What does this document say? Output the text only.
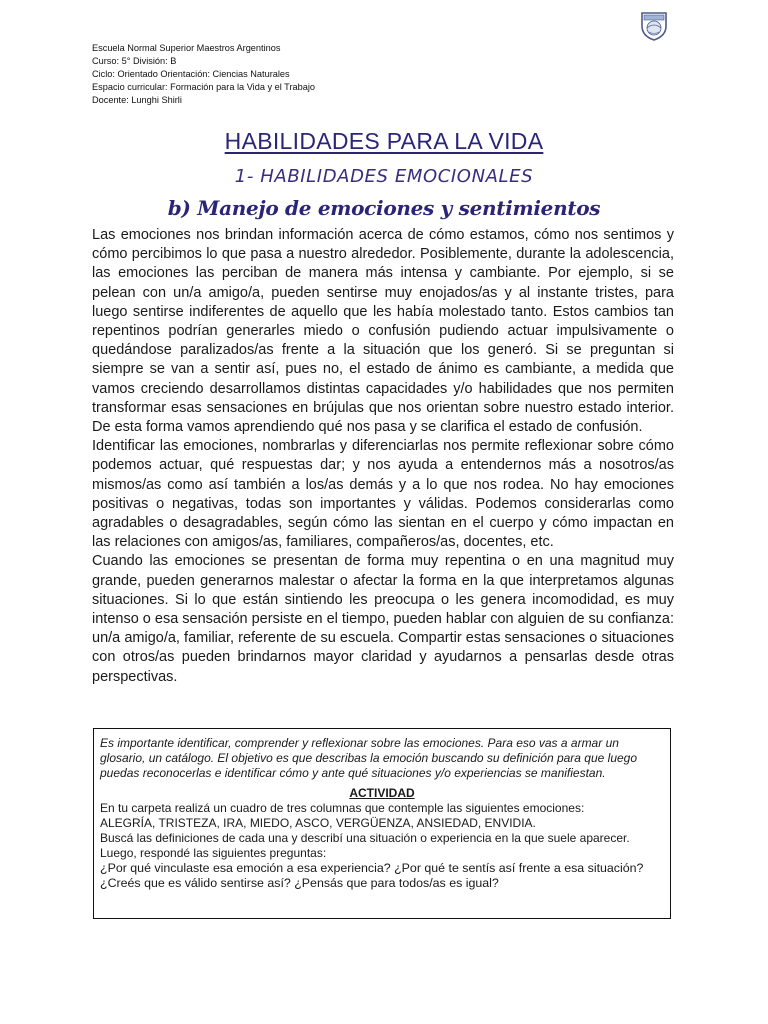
Escuela Normal Superior Maestros Argentinos
Curso: 5° División: B
Ciclo: Orientado Orientación: Ciencias Naturales
Espacio curricular: Formación para la Vida y el Trabajo
Docente: Lunghi Shirli
HABILIDADES PARA LA VIDA
1- HABILIDADES EMOCIONALES
b) Manejo de emociones y sentimientos

Las emociones nos brindan información acerca de cómo estamos, cómo nos sentimos y cómo percibimos lo que pasa a nuestro alrededor. Posiblemente, durante la adolescencia, las emociones las perciban de manera más intensa y cambiante. Por ejemplo, si se pelean con un/a amigo/a, pueden sentirse muy enojados/as y al instante tristes, para luego sentirse indiferentes de aquello que les había molestado tanto. Estos cambios tan repentinos podrían generarles miedo o confusión pudiendo actuar impulsivamente o quedándose paralizados/as frente a la situación que los generó. Si se preguntan si siempre se van a sentir así, pues no, el estado de ánimo es cambiante, a medida que vamos creciendo desarrollamos distintas capacidades y/o habilidades que nos permiten transformar esas sensaciones en brújulas que nos orientan sobre nuestro estado interior. De esta forma vamos aprendiendo qué nos pasa y se clarifica el estado de confusión.

Identificar las emociones, nombrarlas y diferenciarlas nos permite reflexionar sobre cómo podemos actuar, qué respuestas dar; y nos ayuda a entendernos más a nosotros/as mismos/as como así también a los/as demás y a lo que nos rodea. No hay emociones positivas o negativas, todas son importantes y válidas. Podemos considerarlas como agradables o desagradables, según cómo las sientan en el cuerpo y cómo impactan en las relaciones con amigos/as, familiares, compañeros/as, docentes, etc.

Cuando las emociones se presentan de forma muy repentina o en una magnitud muy grande, pueden generarnos malestar o afectar la forma en la que interpretamos algunas situaciones. Si lo que están sintiendo les preocupa o les genera incomodidad, es muy intenso o esa sensación persiste en el tiempo, pueden hablar con alguien de su confianza: un/a amigo/a, familiar, referente de su escuela. Compartir estas sensaciones o situaciones con otros/as pueden brindarnos mayor claridad y ayudarnos a pensarlas desde otras perspectivas.

Es importante identificar, comprender y reflexionar sobre las emociones. Para eso vas a armar un glosario, un catálogo. El objetivo es que describas la emoción buscando su definición para que luego puedas reconocerlas e identificar cómo y ante qué situaciones y/o experiencias se manifiestan.

ACTIVIDAD

En tu carpeta realizá un cuadro de tres columnas que contemple las siguientes emociones:

ALEGRÍA, TRISTEZA, IRA, MIEDO, ASCO, VERGÜENZA, ANSIEDAD, ENVIDIA.

Buscá las definiciones de cada una y describí una situación o experiencia en la que suele aparecer.

Luego, respondé las siguientes preguntas:

¿Por qué vinculaste esa emoción a esa experiencia? ¿Por qué te sentís así frente a esa situación?

¿Creés que es válido sentirse así? ¿Pensás que para todos/as es igual?
